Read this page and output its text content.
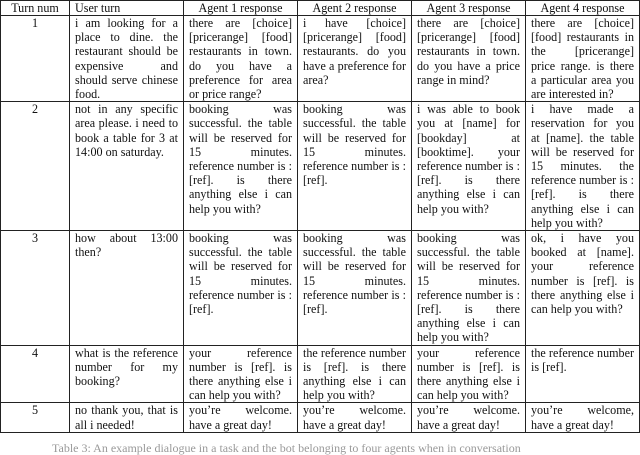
Turn num	User turn	Agent 1 response	Agent 2 response	Agent 3 response	Agent 4 response
1	i am looking for a place to dine. the restaurant should be expensive and should serve chinese food.	there are [choice] [pricerange] [food] restaurants in town. do you have a preference for area or price range?	i have [choice] [pricerange] [food] restaurants. do you have a preference for area?	there are [choice] [pricerange] [food] restaurants in town. do you have a price range in mind?	there are [choice] [food] restaurants in the [pricerange] price range. is there a particular area you are interested in?
2	not in any specific area please. i need to book a table for 3 at 14:00 on saturday.	booking was successful. the table will be reserved for 15 minutes. reference number is : [ref]. is there anything else i can help you with?	booking was successful. the table will be reserved for 15 minutes. reference number is : [ref].	i was able to book you at [name] for [bookday] at [booktime]. your reference number is : [ref]. is there anything else i can help you with?	i have made a reservation for you at [name]. the table will be reserved for 15 minutes. the reference number is : [ref]. is there anything else i can help you with?
3	how about 13:00 then?	booking was successful. the table will be reserved for 15 minutes. reference number is : [ref].	booking was successful. the table will be reserved for 15 minutes. reference number is : [ref].	booking was successful. the table will be reserved for 15 minutes. reference number is : [ref]. is there anything else i can help you with?	ok, i have you booked at [name]. your reference number is [ref]. is there anything else i can help you with?
4	what is the reference number for my booking?	your reference number is [ref]. is there anything else i can help you with?	the reference number is [ref]. is there anything else i can help you with?	your reference number is [ref]. is there anything else i can help you with?	the reference number is [ref].
5	no thank you, that is all i needed!	you’re welcome. have a great day!	you’re welcome. have a great day!	you’re welcome. have a great day!	you’re welcome, have a great day!
Table 3: An example dialogue in a task and the bot belonging to four agents when in conversation
